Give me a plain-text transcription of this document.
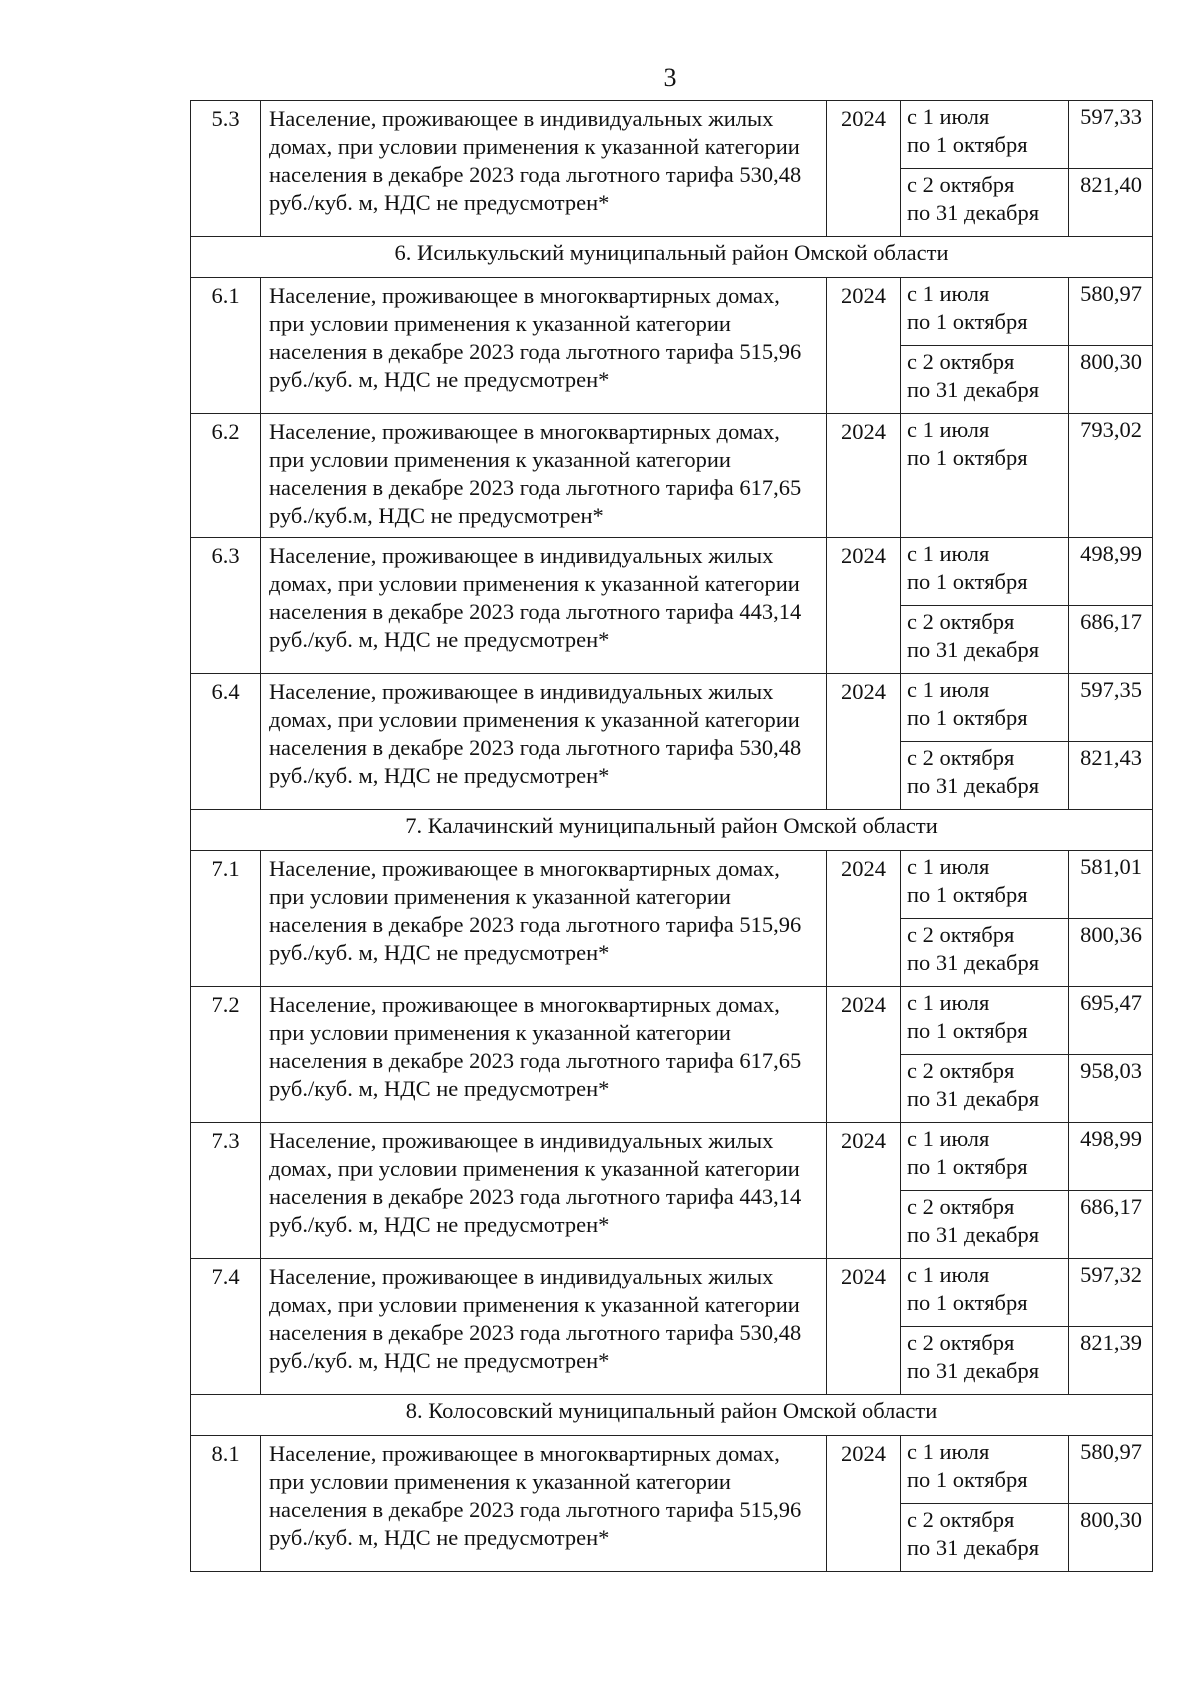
3
5.3	Население, проживающее в индивидуальных жилых домах, при условии применения к указанной категории населения в декабре 2023 года льготного тарифа 530,48 руб./куб. м, НДС не предусмотрен*	2024	с 1 июля
по 1 октября	597,33

			с 2 октября
по 31 декабря	821,40
6. Исилькульский муниципальный район Омской области				
6.1	Население, проживающее в многоквартирных домах, при условии применения к указанной категории населения в декабре 2023 года льготного тарифа 515,96 руб./куб. м, НДС не предусмотрен*	2024	с 1 июля
по 1 октября	580,97

			с 2 октября
по 31 декабря	800,30
6.2	Население, проживающее в многоквартирных домах, при условии применения к указанной категории населения в декабре 2023 года льготного тарифа 617,65 руб./куб.м, НДС не предусмотрен*	2024	с 1 июля
по 1 октября	793,02
6.3	Население, проживающее в индивидуальных жилых домах, при условии применения к указанной категории населения в декабре 2023 года льготного тарифа 443,14 руб./куб. м, НДС не предусмотрен*	2024	с 1 июля
по 1 октября	498,99

			с 2 октября
по 31 декабря	686,17
6.4	Население, проживающее в индивидуальных жилых домах, при условии применения к указанной категории населения в декабре 2023 года льготного тарифа 530,48 руб./куб. м, НДС не предусмотрен*	2024	с 1 июля
по 1 октября	597,35

			с 2 октября
по 31 декабря	821,43
7. Калачинский муниципальный район Омской области				
7.1	Население, проживающее в многоквартирных домах, при условии применения к указанной категории населения в декабре 2023 года льготного тарифа 515,96 руб./куб. м, НДС не предусмотрен*	2024	с 1 июля
по 1 октября	581,01

			с 2 октября
по 31 декабря	800,36
7.2	Население, проживающее в многоквартирных домах, при условии применения к указанной категории населения в декабре 2023 года льготного тарифа 617,65 руб./куб. м, НДС не предусмотрен*	2024	с 1 июля
по 1 октября	695,47

			с 2 октября
по 31 декабря	958,03
7.3	Население, проживающее в индивидуальных жилых домах, при условии применения к указанной категории населения в декабре 2023 года льготного тарифа 443,14 руб./куб. м, НДС не предусмотрен*	2024	с 1 июля
по 1 октября	498,99

			с 2 октября
по 31 декабря	686,17
7.4	Население, проживающее в индивидуальных жилых домах, при условии применения к указанной категории населения в декабре 2023 года льготного тарифа 530,48 руб./куб. м, НДС не предусмотрен*	2024	с 1 июля
по 1 октября	597,32

			с 2 октября
по 31 декабря	821,39
8. Колосовский муниципальный район Омской области				
8.1	Население, проживающее в многоквартирных домах, при условии применения к указанной категории населения в декабре 2023 года льготного тарифа 515,96 руб./куб. м, НДС не предусмотрен*	2024	с 1 июля
по 1 октября	580,97

			с 2 октября
по 31 декабря	800,30
